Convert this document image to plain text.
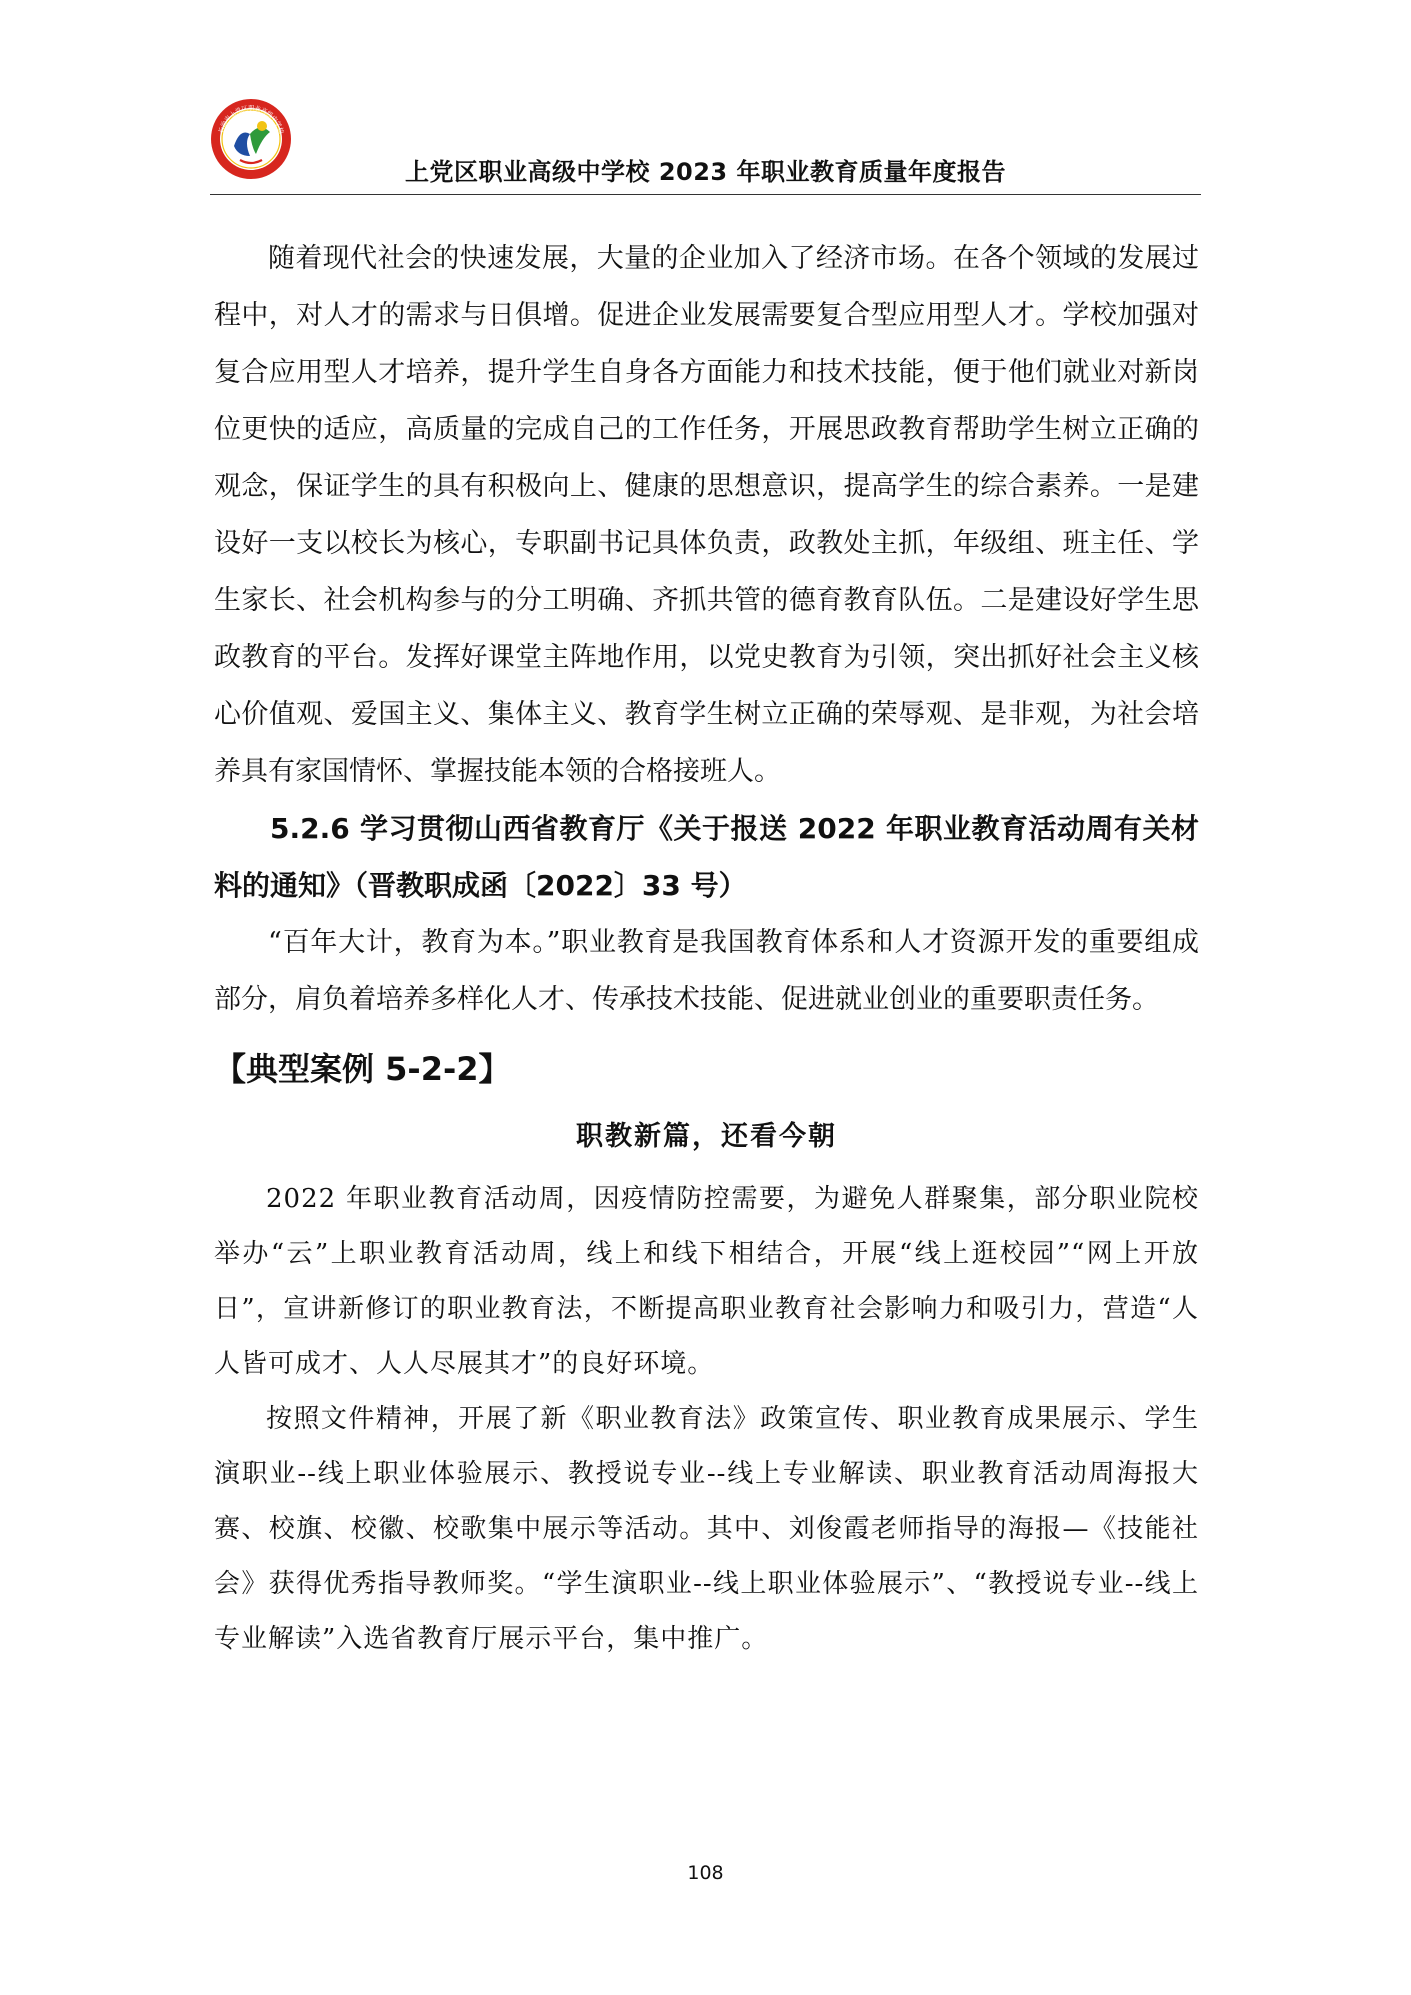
长治市上党区职业高级中学校
上党区职业高级中学校 2023 年职业教育质量年度报告

随着现代社会的快速发展，大量的企业加入了经济市场。在各个领域的发展过程中，对人才的需求与日俱增。促进企业发展需要复合型应用型人才。学校加强对复合应用型人才培养，提升学生自身各方面能力和技术技能，便于他们就业对新岗位更快的适应，高质量的完成自己的工作任务，开展思政教育帮助学生树立正确的观念，保证学生的具有积极向上、健康的思想意识，提高学生的综合素养。一是建设好一支以校长为核心，专职副书记具体负责，政教处主抓，年级组、班主任、学生家长、社会机构参与的分工明确、齐抓共管的德育教育队伍。二是建设好学生思政教育的平台。发挥好课堂主阵地作用，以党史教育为引领，突出抓好社会主义核心价值观、爱国主义、集体主义、教育学生树立正确的荣辱观、是非观，为社会培养具有家国情怀、掌握技能本领的合格接班人。

5.2.6 学习贯彻山西省教育厅《关于报送 2022 年职业教育活动周有关材料的通知》（晋教职成函〔2022〕33 号）

“百年大计，教育为本。”职业教育是我国教育体系和人才资源开发的重要组成部分，肩负着培养多样化人才、传承技术技能、促进就业创业的重要职责任务。

【典型案例 5-2-2】
职教新篇，还看今朝

2022 年职业教育活动周，因疫情防控需要，为避免人群聚集，部分职业院校举办“云”上职业教育活动周，线上和线下相结合，开展“线上逛校园”“网上开放日”，宣讲新修订的职业教育法，不断提高职业教育社会影响力和吸引力，营造“人人皆可成才、人人尽展其才”的良好环境。

按照文件精神，开展了新《职业教育法》政策宣传、职业教育成果展示、学生演职业--线上职业体验展示、教授说专业--线上专业解读、职业教育活动周海报大赛、校旗、校徽、校歌集中展示等活动。其中、刘俊霞老师指导的海报—《技能社会》获得优秀指导教师奖。“学生演职业--线上职业体验展示”、“教授说专业--线上专业解读”入选省教育厅展示平台，集中推广。

108
